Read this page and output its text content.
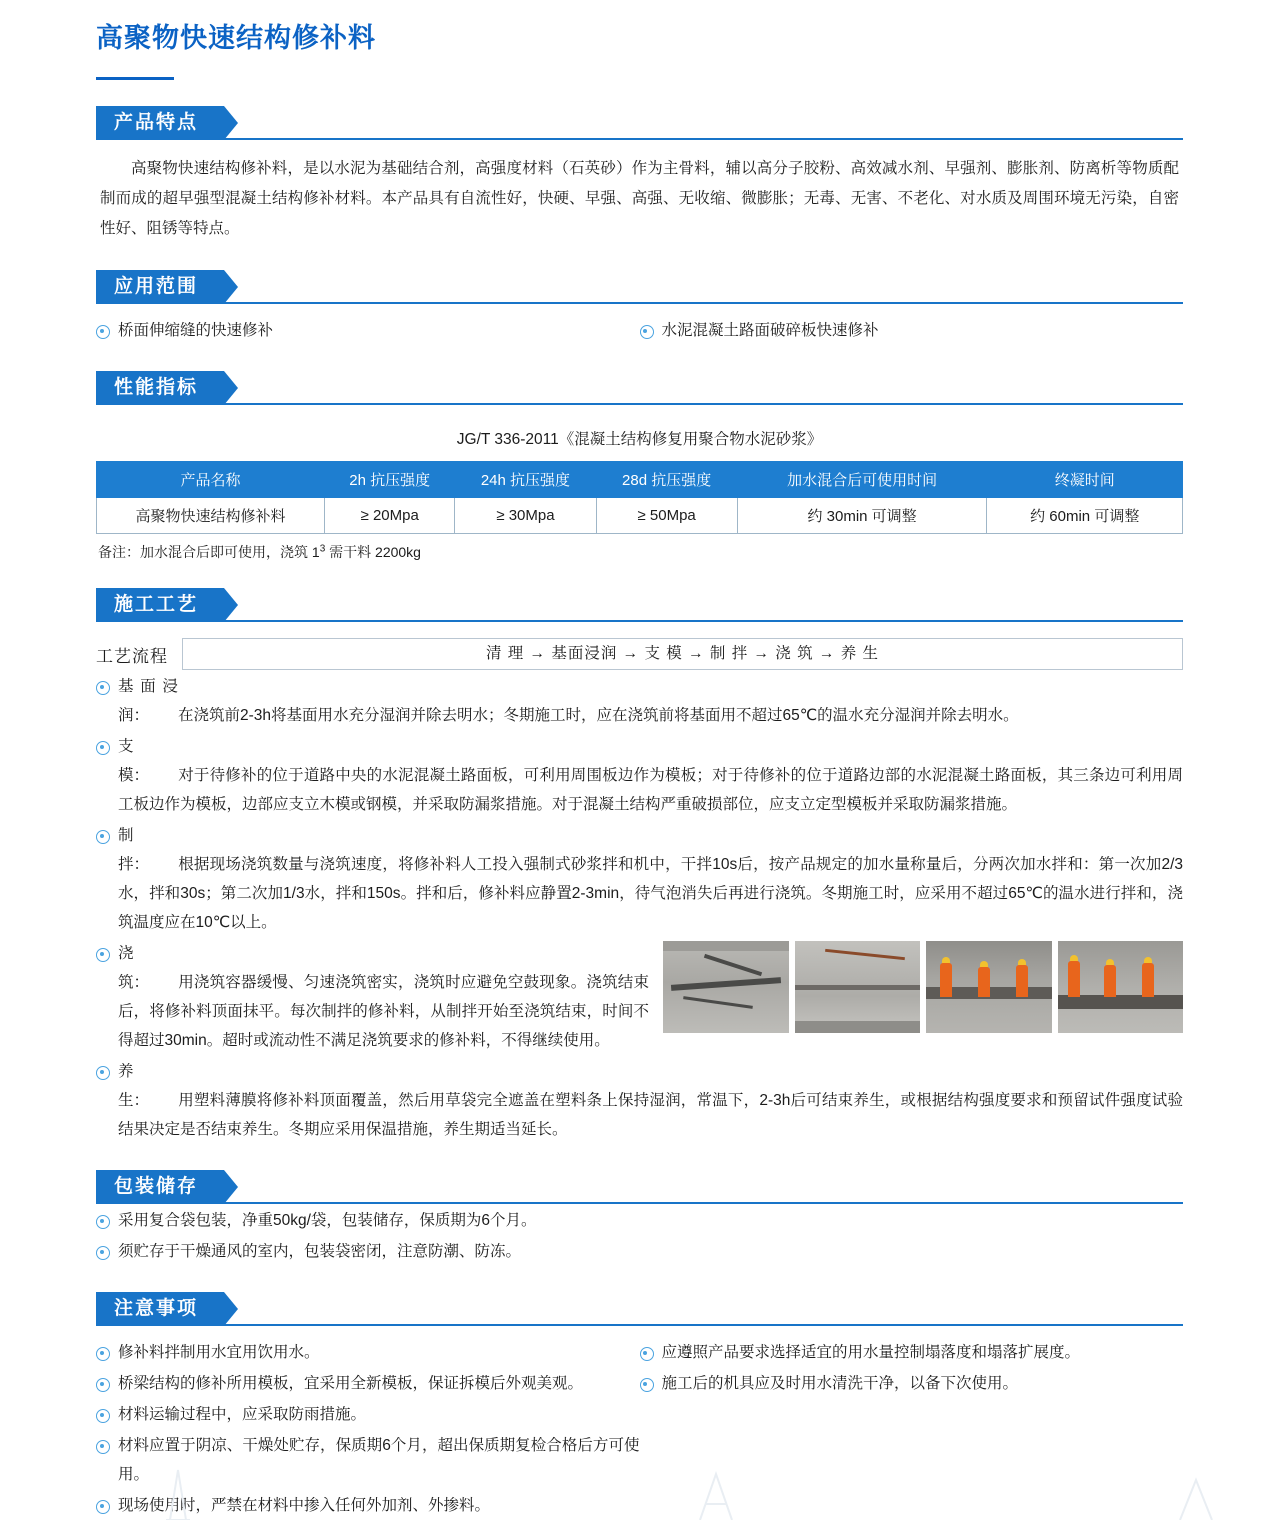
高聚物快速结构修补料
产品特点

高聚物快速结构修补料，是以水泥为基础结合剂，高强度材料（石英砂）作为主骨料，辅以高分子胶粉、高效减水剂、早强剂、膨胀剂、防离析等物质配制而成的超早强型混凝土结构修补材料。本产品具有自流性好，快硬、早强、高强、无收缩、微膨胀；无毒、无害、不老化、对水质及周围环境无污染，自密性好、阻锈等特点。

应用范围
桥面伸缩缝的快速修补	水泥混凝土路面破碎板快速修补
性能指标
JG/T 336-2011《混凝土结构修复用聚合物水泥砂浆》
产品名称	2h 抗压强度	24h 抗压强度	28d 抗压强度	加水混合后可使用时间	终凝时间
高聚物快速结构修补料	≥ 20Mpa	≥ 30Mpa	≥ 50Mpa	约 30min 可调整	约 60min 可调整
备注：加水混合后即可使用，浇筑 $1^3$ 需干料 2200kg
施工工艺
工艺流程	清 理 → 基面浸润 → 支 模 → 制 拌 → 浇 筑 → 养 生
基面浸润： 在浇筑前2-3h将基面用水充分湿润并除去明水；冬期施工时，应在浇筑前将基面用不超过65℃的温水充分湿润并除去明水。
支　　模： 对于待修补的位于道路中央的水泥混凝土路面板，可利用周围板边作为模板；对于待修补的位于道路边部的水泥混凝土路面板，其三条边可利用周工板边作为模板，边部应支立木模或钢模，并采取防漏浆措施。对于混凝土结构严重破损部位，应支立定型模板并采取防漏浆措施。
制　　拌： 根据现场浇筑数量与浇筑速度，将修补料人工投入强制式砂浆拌和机中，干拌10s后，按产品规定的加水量称量后，分两次加水拌和：第一次加2/3水，拌和30s；第二次加1/3水，拌和150s。拌和后，修补料应静置2-3min，待气泡消失后再进行浇筑。冬期施工时，应采用不超过65℃的温水进行拌和，浇筑温度应在10℃以上。
浇　　筑： 用浇筑容器缓慢、匀速浇筑密实，浇筑时应避免空鼓现象。浇筑结束后，将修补料顶面抹平。每次制拌的修补料，从制拌开始至浇筑结束，时间不得超过30min。超时或流动性不满足浇筑要求的修补料，不得继续使用。
养　　生： 用塑料薄膜将修补料顶面覆盖，然后用草袋完全遮盖在塑料条上保持湿润，常温下，2-3h后可结束养生，或根据结构强度要求和预留试件强度试验结果决定是否结束养生。冬期应采用保温措施，养生期适当延长。
包装储存
采用复合袋包装，净重50kg/袋，包装储存，保质期为6个月。
须贮存于干燥通风的室内，包装袋密闭，注意防潮、防冻。
注意事项
修补料拌制用水宜用饮用水。
桥梁结构的修补所用模板，宜采用全新模板，保证拆模后外观美观。
材料运输过程中，应采取防雨措施。
材料应置于阴凉、干燥处贮存，保质期6个月，超出保质期复检合格后方可使用。
现场使用时，严禁在材料中掺入任何外加剂、外掺料。
应遵照产品要求选择适宜的用水量控制塌落度和塌落扩展度。
施工后的机具应及时用水清洗干净，以备下次使用。
